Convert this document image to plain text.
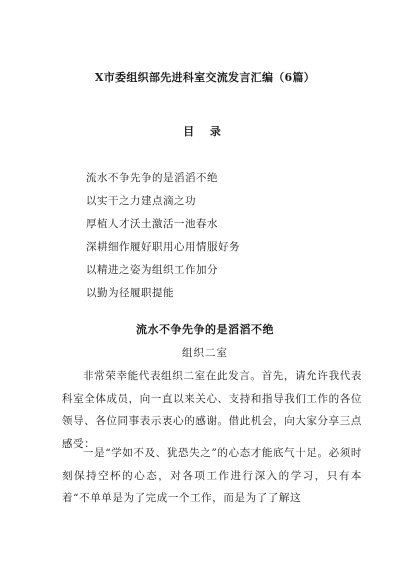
X市委组织部先进科室交流发言汇编（6篇）
目 录
流水不争先争的是滔滔不绝
以实干之力建点滴之功
厚植人才沃土激活一池春水
深耕细作履好职用心用情服好务
以精进之姿为组织工作加分
以勤为径履职提能
流水不争先争的是滔滔不绝
组织二室

非常荣幸能代表组织二室在此发言。首先，请允许我代表科室全体成员，向一直以来关心、支持和指导我们工作的各位领导、各位同事表示衷心的感谢。借此机会，向大家分享三点感受：

一是“学如不及、犹恐失之”的心态才能底气十足。必须时刻保持空杯的心态，对各项工作进行深入的学习，只有本着“不单单是为了完成一个工作，而是为了了解这
